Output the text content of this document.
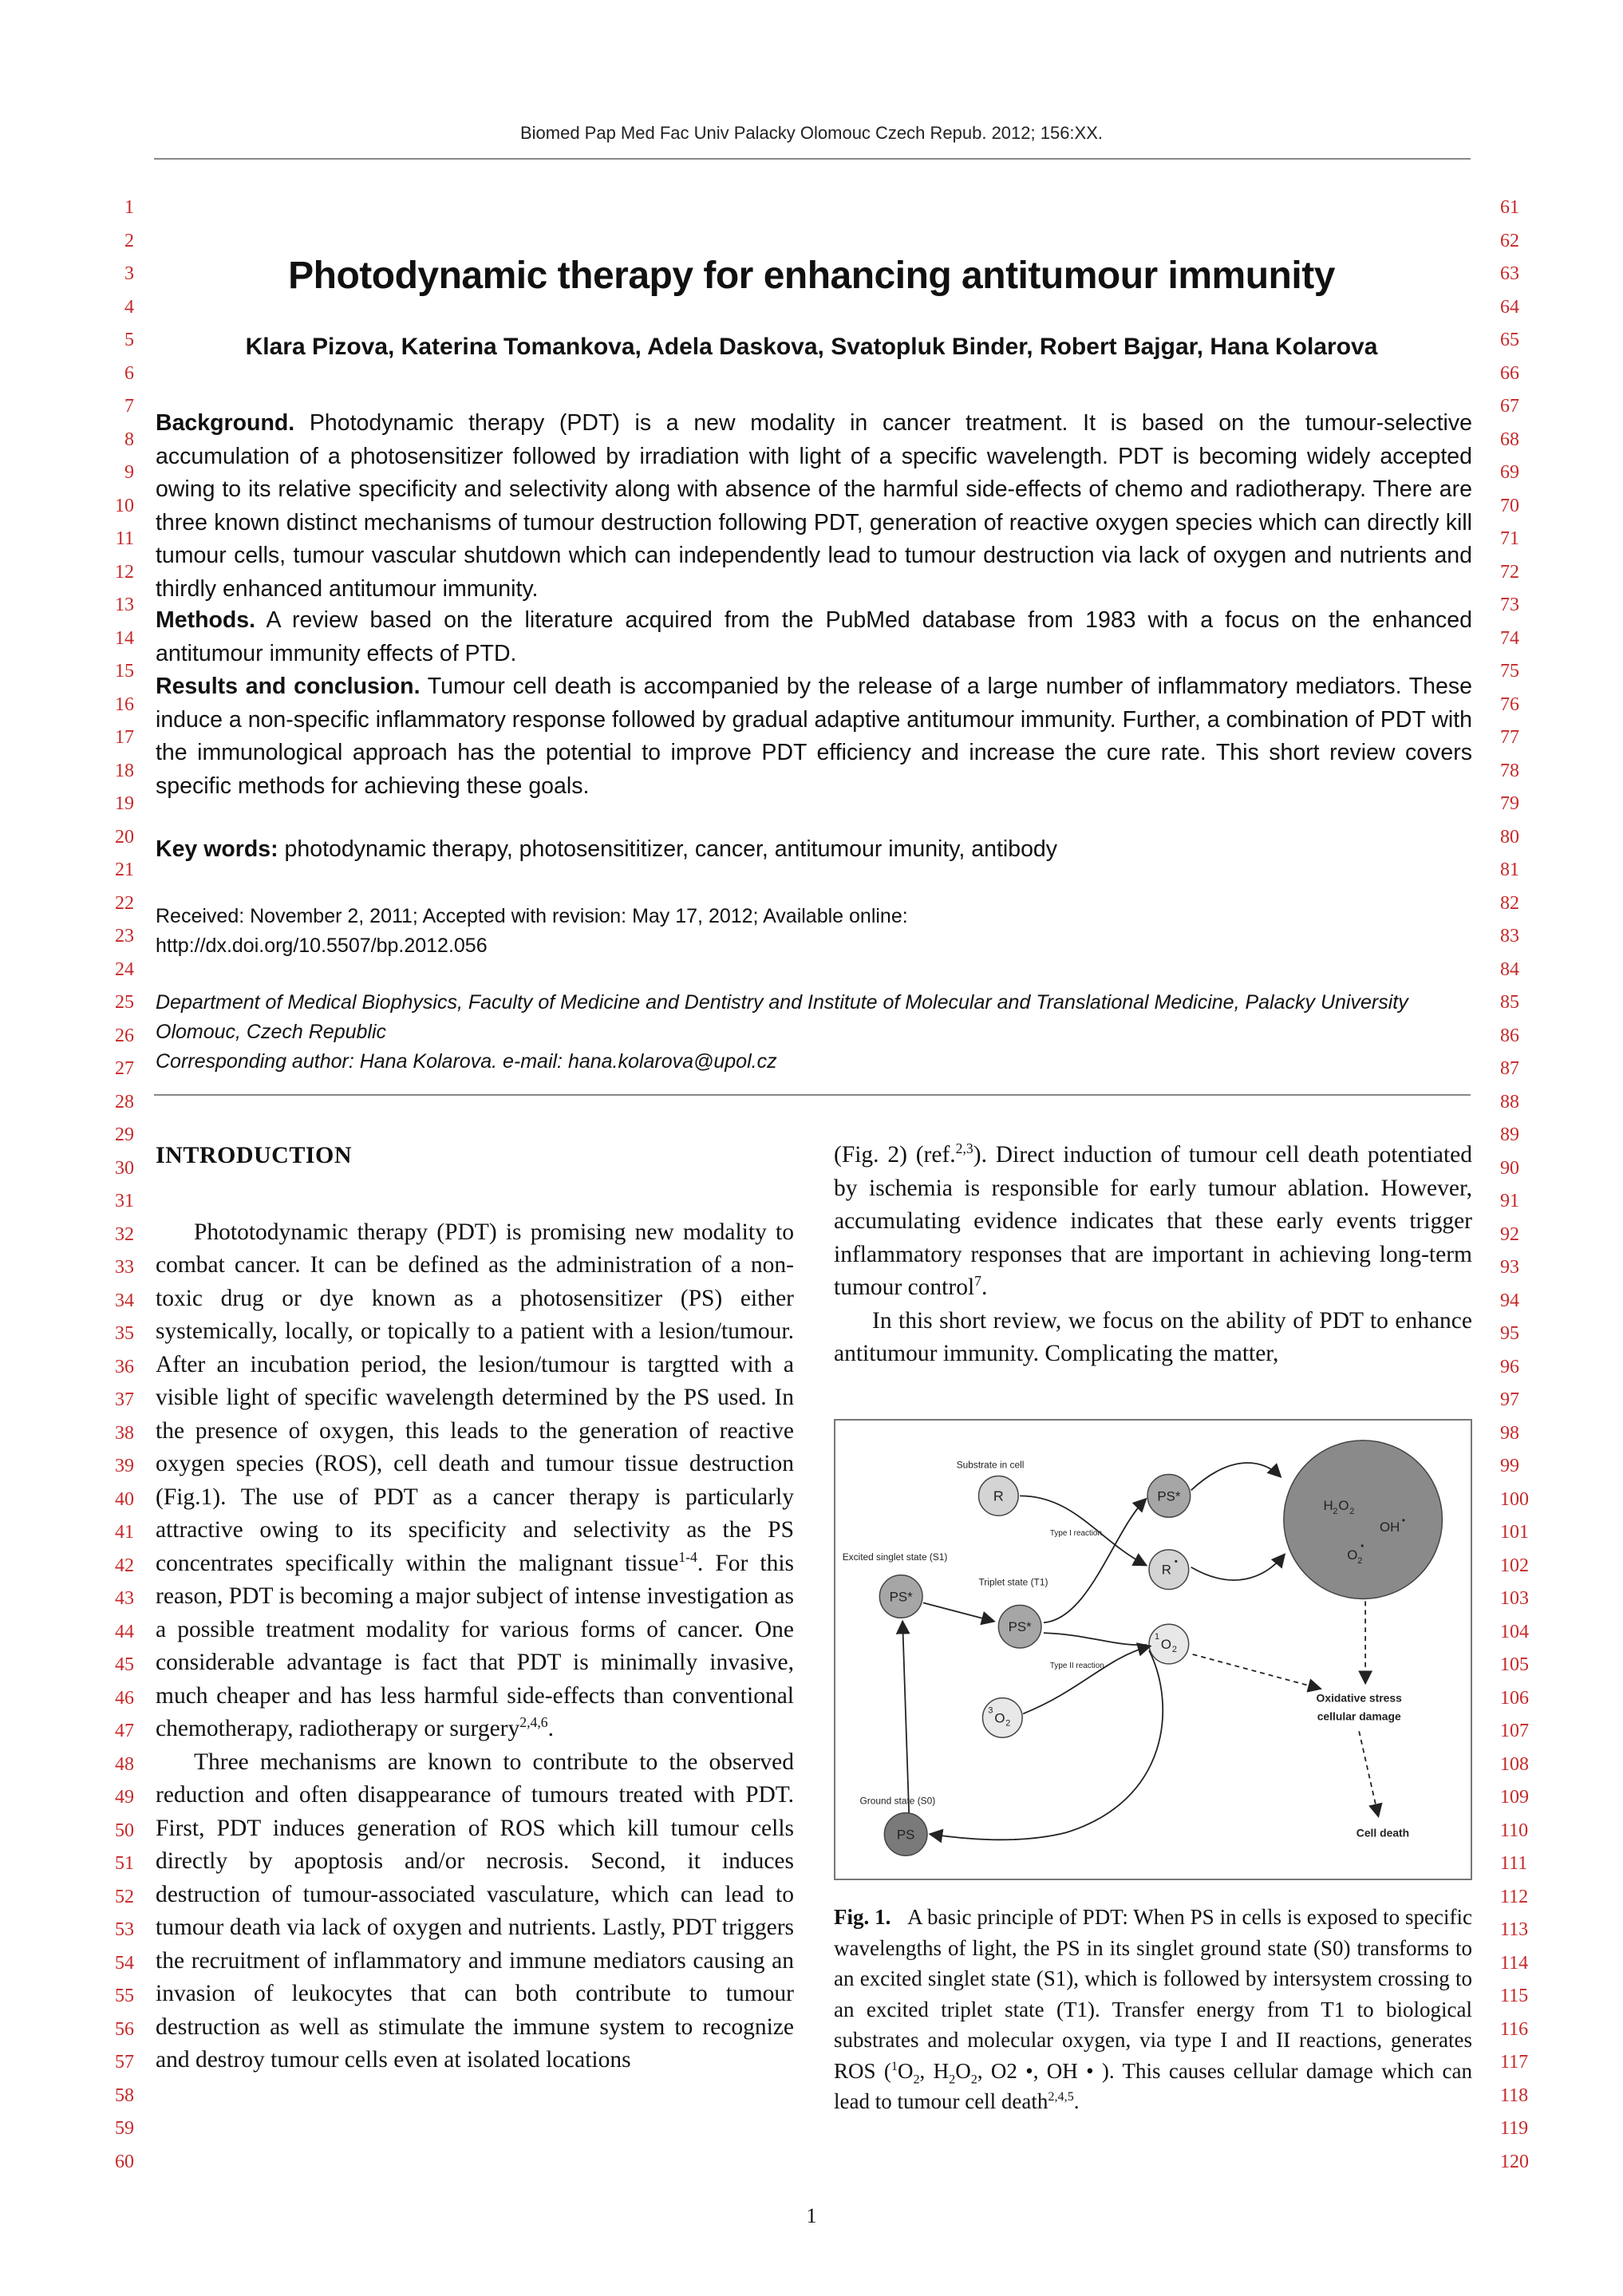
Biomed Pap Med Fac Univ Palacky Olomouc Czech Repub. 2012; 156:XX.
1
2
3
4
5
6
7
8
9
10
11
12
13
14
15
16
17
18
19
20
21
22
23
24
25
26
27
28
29
30
31
32
33
34
35
36
37
38
39
40
41
42
43
44
45
46
47
48
49
50
51
52
53
54
55
56
57
58
59
60
61
62
63
64
65
66
67
68
69
70
71
72
73
74
75
76
77
78
79
80
81
82
83
84
85
86
87
88
89
90
91
92
93
94
95
96
97
98
99
100
101
102
103
104
105
106
107
108
109
110
111
112
113
114
115
116
117
118
119
120
Photodynamic therapy for enhancing antitumour immunity
Klara Pizova, Katerina Tomankova, Adela Daskova, Svatopluk Binder, Robert Bajgar, Hana Kolarova
Background. Photodynamic therapy (PDT) is a new modality in cancer treatment. It is based on the tumour-selective accumulation of a photosensitizer followed by irradiation with light of a specific wavelength. PDT is becoming widely accepted owing to its relative specificity and selectivity along with absence of the harmful side-effects of chemo and radiotherapy. There are three known distinct mechanisms of tumour destruction following PDT, generation of reactive oxygen species which can directly kill tumour cells, tumour vascular shutdown which can independently lead to tumour destruction via lack of oxygen and nutrients and thirdly enhanced antitumour immunity.
Methods. A review based on the literature acquired from the PubMed database from 1983 with a focus on the enhanced antitumour immunity effects of PTD.
Results and conclusion. Tumour cell death is accompanied by the release of a large number of inflammatory mediators. These induce a non-specific inflammatory response followed by gradual adaptive antitumour immunity. Further, a combination of PDT with the immunological approach has the potential to improve PDT efficiency and increase the cure rate. This short review covers specific methods for achieving these goals.
Key words: photodynamic therapy, photosensititizer, cancer, antitumour imunity, antibody
Received: November 2, 2011; Accepted with revision: May 17, 2012; Available online:
http://dx.doi.org/10.5507/bp.2012.056
Department of Medical Biophysics, Faculty of Medicine and Dentistry and Institute of Molecular and Translational Medicine, Palacky University Olomouc, Czech Republic
Corresponding author: Hana Kolarova. e-mail: hana.kolarova@upol.cz
INTRODUCTION

Phototodynamic therapy (PDT) is promising new modality to combat cancer. It can be defined as the administration of a non-toxic drug or dye known as a photosensitizer (PS) either systemically, locally, or topically to a patient with a lesion/tumour. After an incubation period, the lesion/tumour is targtted with a visible light of specific wavelength determined by the PS used. In the presence of oxygen, this leads to the generation of reactive oxygen species (ROS), cell death and tumour tissue destruction (Fig.1). The use of PDT as a cancer therapy is particularly attractive owing to its specificity and selectivity as the PS concentrates specifically within the malignant tissue$^{1-4}$. For this reason, PDT is becoming a major subject of intense investigation as a possible treatment modality for various forms of cancer. One considerable advantage is fact that PDT is minimally invasive, much cheaper and has less harmful side-effects than conventional chemotherapy, radiotherapy or surgery$^{2,4,6}$.

Three mechanisms are known to contribute to the observed reduction and often disappearance of tumours treated with PDT. First, PDT induces generation of ROS which kill tumour cells directly by apoptosis and/or necrosis. Second, it induces destruction of tumour-associated vasculature, which can lead to tumour death via lack of oxygen and nutrients. Lastly, PDT triggers the recruitment of inflammatory and immune mediators causing an invasion of leukocytes that can both contribute to tumour destruction as well as stimulate the immune system to recognize and destroy tumour cells even at isolated locations

(Fig. 2) (ref.$^{2,3}$). Direct induction of tumour cell death potentiated by ischemia is responsible for early tumour ablation. However, accumulating evidence indicates that these early events trigger inflammatory responses that are important in achieving long-term tumour control$^7$.

In this short review, we focus on the ability of PDT to enhance antitumour immunity. Complicating the matter,

Substrate in cell
R	PS*
R
•
1 O 2
H 2 O 2
OH •
O 2
•
Excited singlet state (S1)
PS*
Triplet state (T1)
PS*
3 O 2
Ground state (S0)
PS
Type I reaction
Type II reaction
Oxidative stress
cellular damage
Cell death
Fig. 1. A basic principle of PDT: When PS in cells is exposed to specific wavelengths of light, the PS in its singlet ground state (S0) transforms to an excited singlet state (S1), which is followed by intersystem crossing to an excited triplet state (T1). Transfer energy from T1 to biological substrates and molecular oxygen, via type I and II reactions, generates ROS ($^1O_2$, $H_2O_2$, O2 •, OH • ). This causes cellular damage which can lead to tumour cell death$^{2,4,5}$.
1
